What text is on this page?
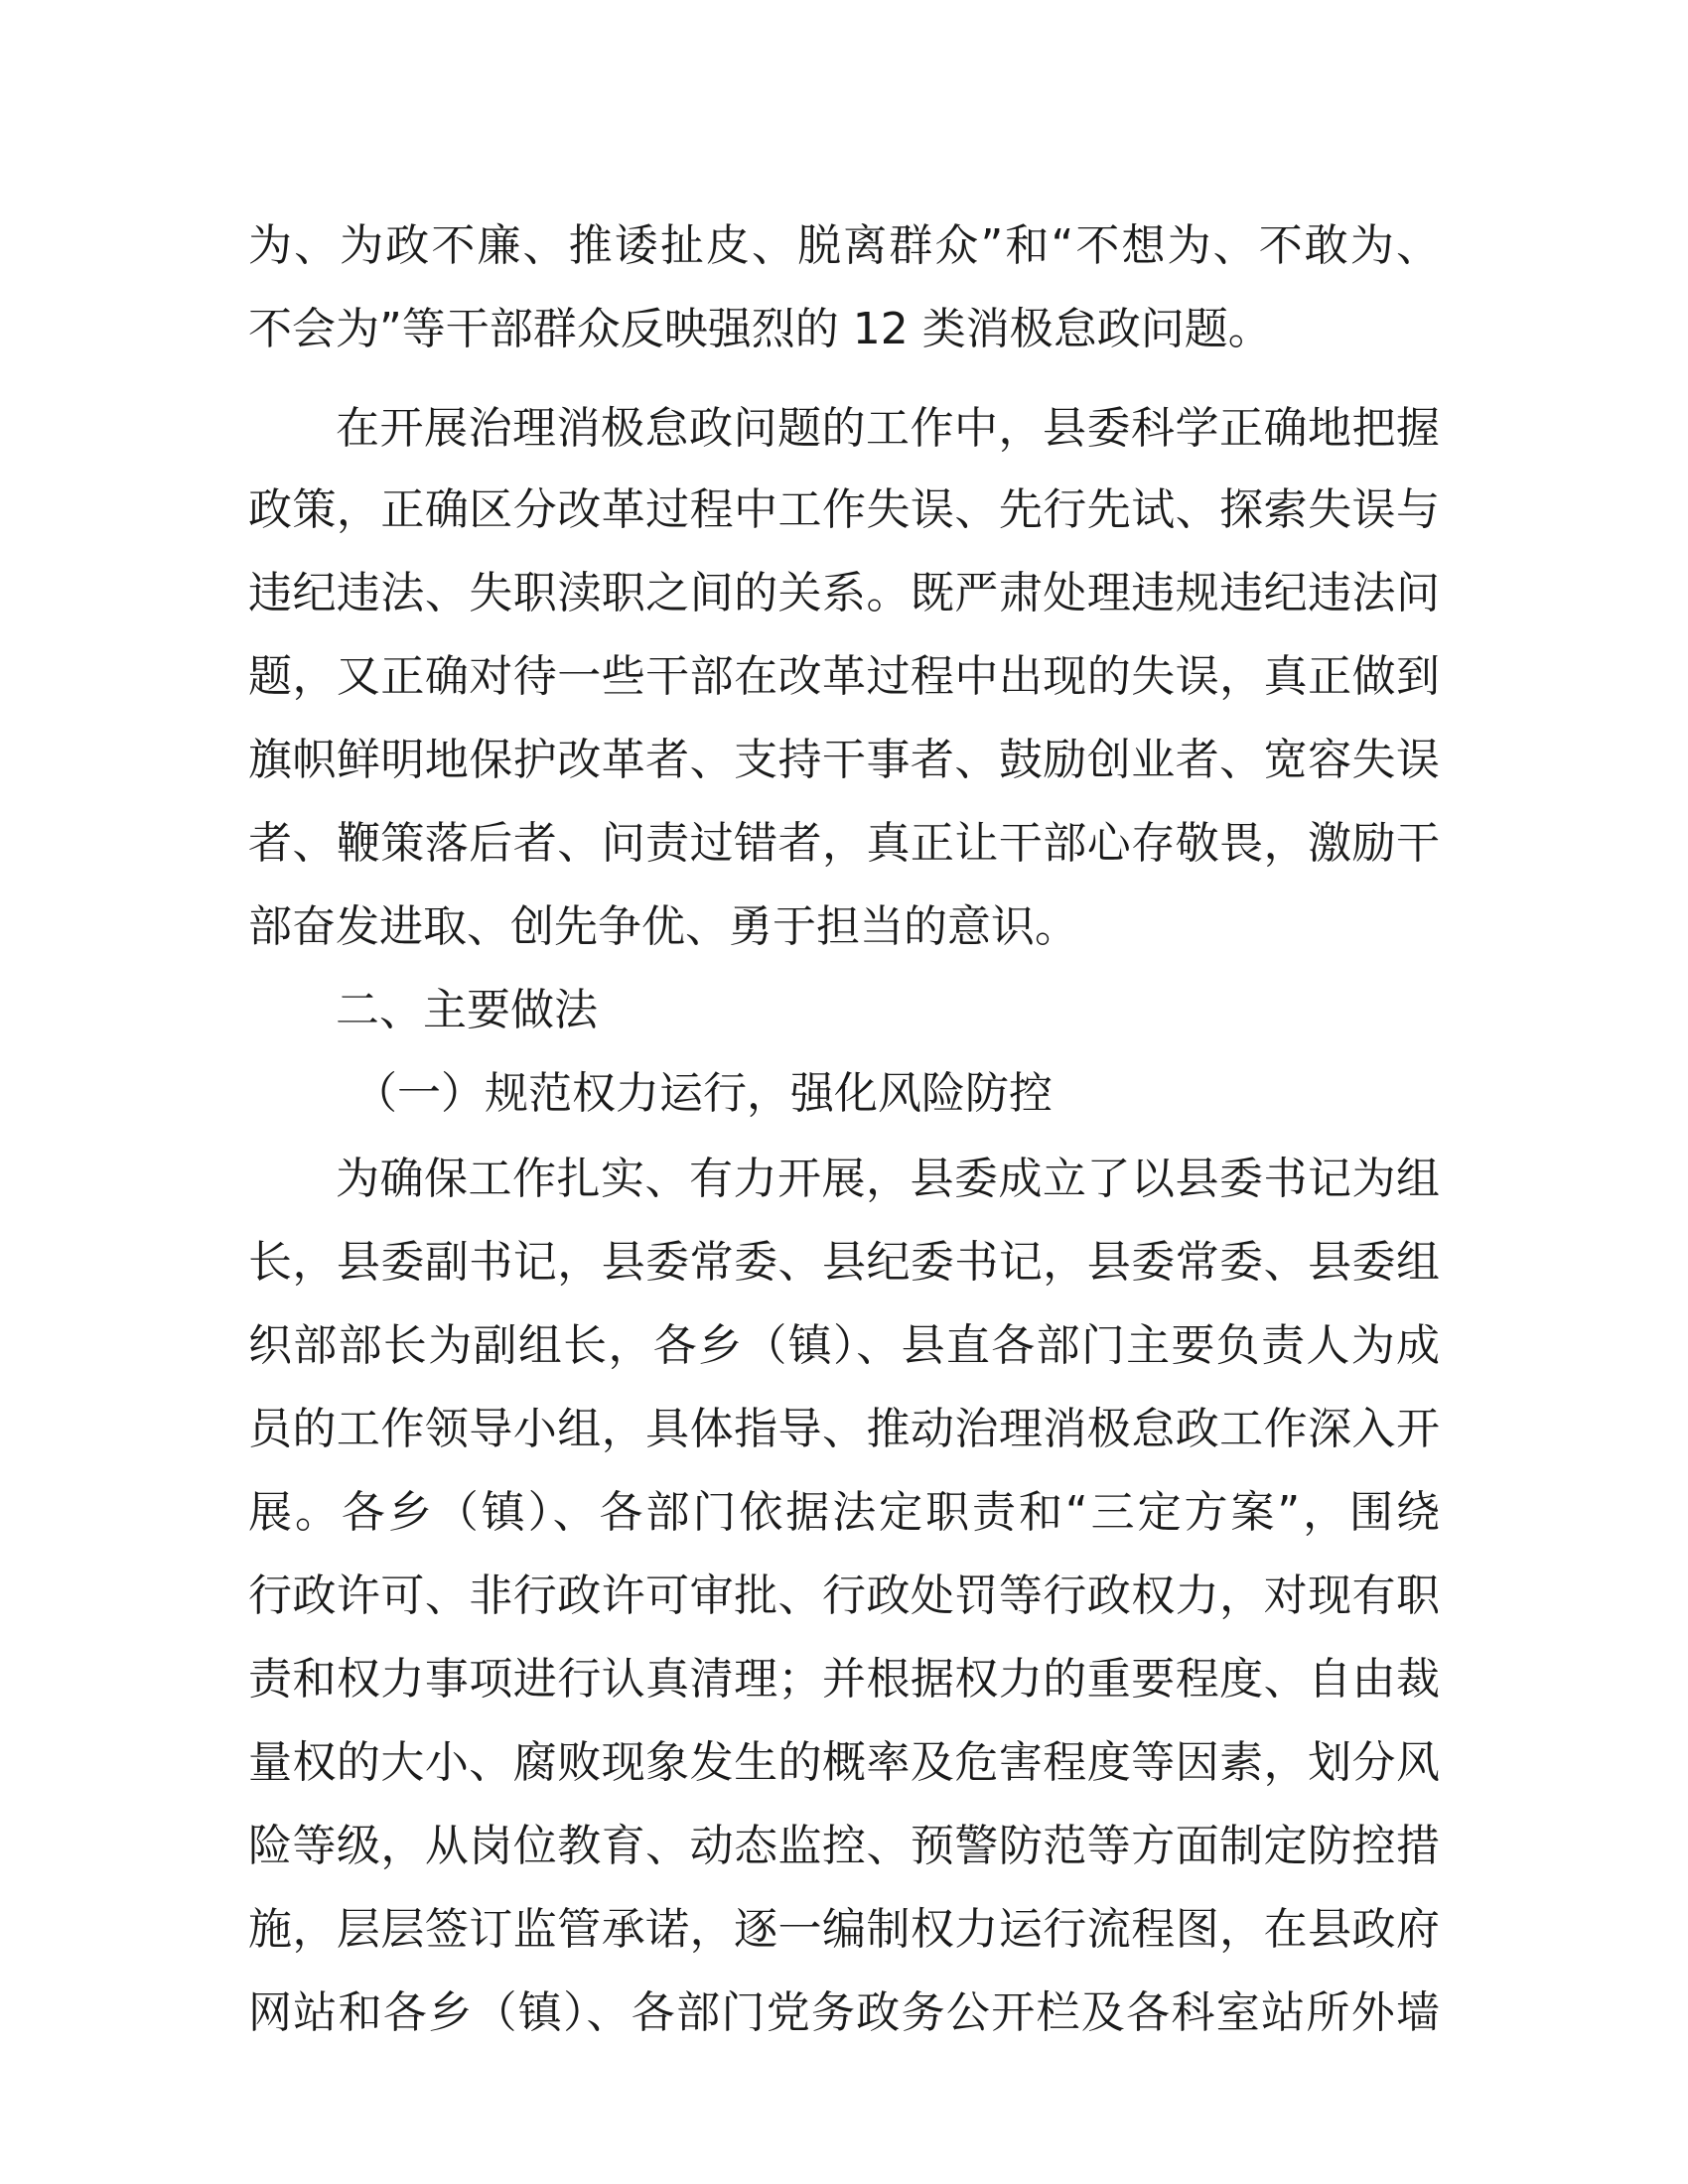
为、为政不廉、推诿扯皮、脱离群众”和“不想为、不敢为、
不会为”等干部群众反映强烈的 12 类消极怠政问题。
在开展治理消极怠政问题的工作中，县委科学正确地把握
政策，正确区分改革过程中工作失误、先行先试、探索失误与
违纪违法、失职渎职之间的关系。既严肃处理违规违纪违法问
题，又正确对待一些干部在改革过程中出现的失误，真正做到
旗帜鲜明地保护改革者、支持干事者、鼓励创业者、宽容失误
者、鞭策落后者、问责过错者，真正让干部心存敬畏，激励干
部奋发进取、创先争优、勇于担当的意识。
二、主要做法
（一）规范权力运行，强化风险防控
为确保工作扎实、有力开展，县委成立了以县委书记为组
长，县委副书记，县委常委、县纪委书记，县委常委、县委组
织部部长为副组长，各乡（镇）、县直各部门主要负责人为成
员的工作领导小组，具体指导、推动治理消极怠政工作深入开
展。各乡（镇）、各部门依据法定职责和“三定方案”，围绕
行政许可、非行政许可审批、行政处罚等行政权力，对现有职
责和权力事项进行认真清理；并根据权力的重要程度、自由裁
量权的大小、腐败现象发生的概率及危害程度等因素，划分风
险等级，从岗位教育、动态监控、预警防范等方面制定防控措
施，层层签订监管承诺，逐一编制权力运行流程图，在县政府
网站和各乡（镇）、各部门党务政务公开栏及各科室站所外墙
